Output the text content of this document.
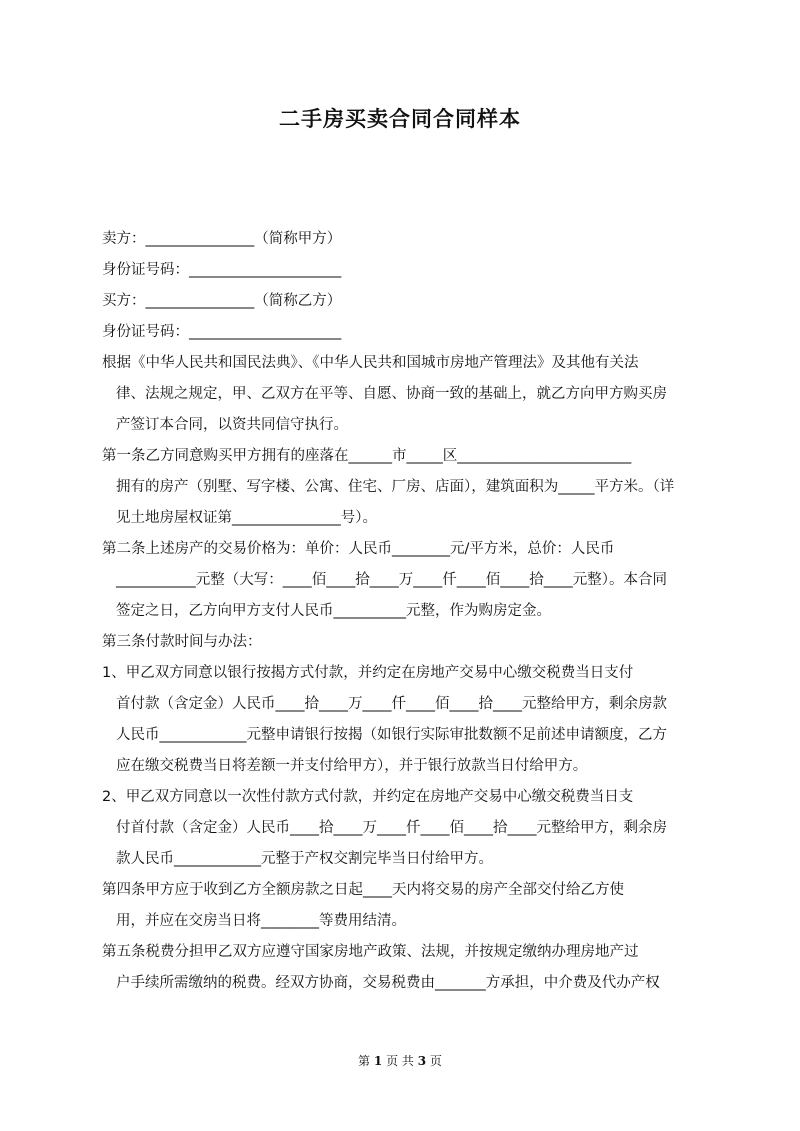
二手房买卖合同合同样本

卖方：_______________（简称甲方）

身份证号码：_____________________

买方：_______________（简称乙方）

身份证号码：_____________________

根据《中华人民共和国民法典》、《中华人民共和国城市房地产管理法》及其他有关法

律、法规之规定，甲、乙双方在平等、自愿、协商一致的基础上，就乙方向甲方购买房

产签订本合同，以资共同信守执行。

第一条乙方同意购买甲方拥有的座落在______市_____区________________________

拥有的房产（别墅、写字楼、公寓、住宅、厂房、店面），建筑面积为_____平方米。（详

见土地房屋权证第_______________号）。

第二条上述房产的交易价格为：单价：人民币________元/平方米，总价：人民币

___________元整（大写：____佰____拾____万____仟____佰____拾____元整）。本合同

签定之日，乙方向甲方支付人民币__________元整，作为购房定金。

第三条付款时间与办法：

1、甲乙双方同意以银行按揭方式付款，并约定在房地产交易中心缴交税费当日支付

首付款（含定金）人民币____拾____万____仟____佰____拾____元整给甲方，剩余房款

人民币____________元整申请银行按揭（如银行实际审批数额不足前述申请额度，乙方

应在缴交税费当日将差额一并支付给甲方），并于银行放款当日付给甲方。

2、甲乙双方同意以一次性付款方式付款，并约定在房地产交易中心缴交税费当日支

付首付款（含定金）人民币____拾____万____仟____佰____拾____元整给甲方，剩余房

款人民币____________元整于产权交割完毕当日付给甲方。

第四条甲方应于收到乙方全额房款之日起____天内将交易的房产全部交付给乙方使

用，并应在交房当日将________等费用结清。

第五条税费分担甲乙双方应遵守国家房地产政策、法规，并按规定缴纳办理房地产过

户手续所需缴纳的税费。经双方协商，交易税费由_______方承担，中介费及代办产权

第 1 页 共 3 页
